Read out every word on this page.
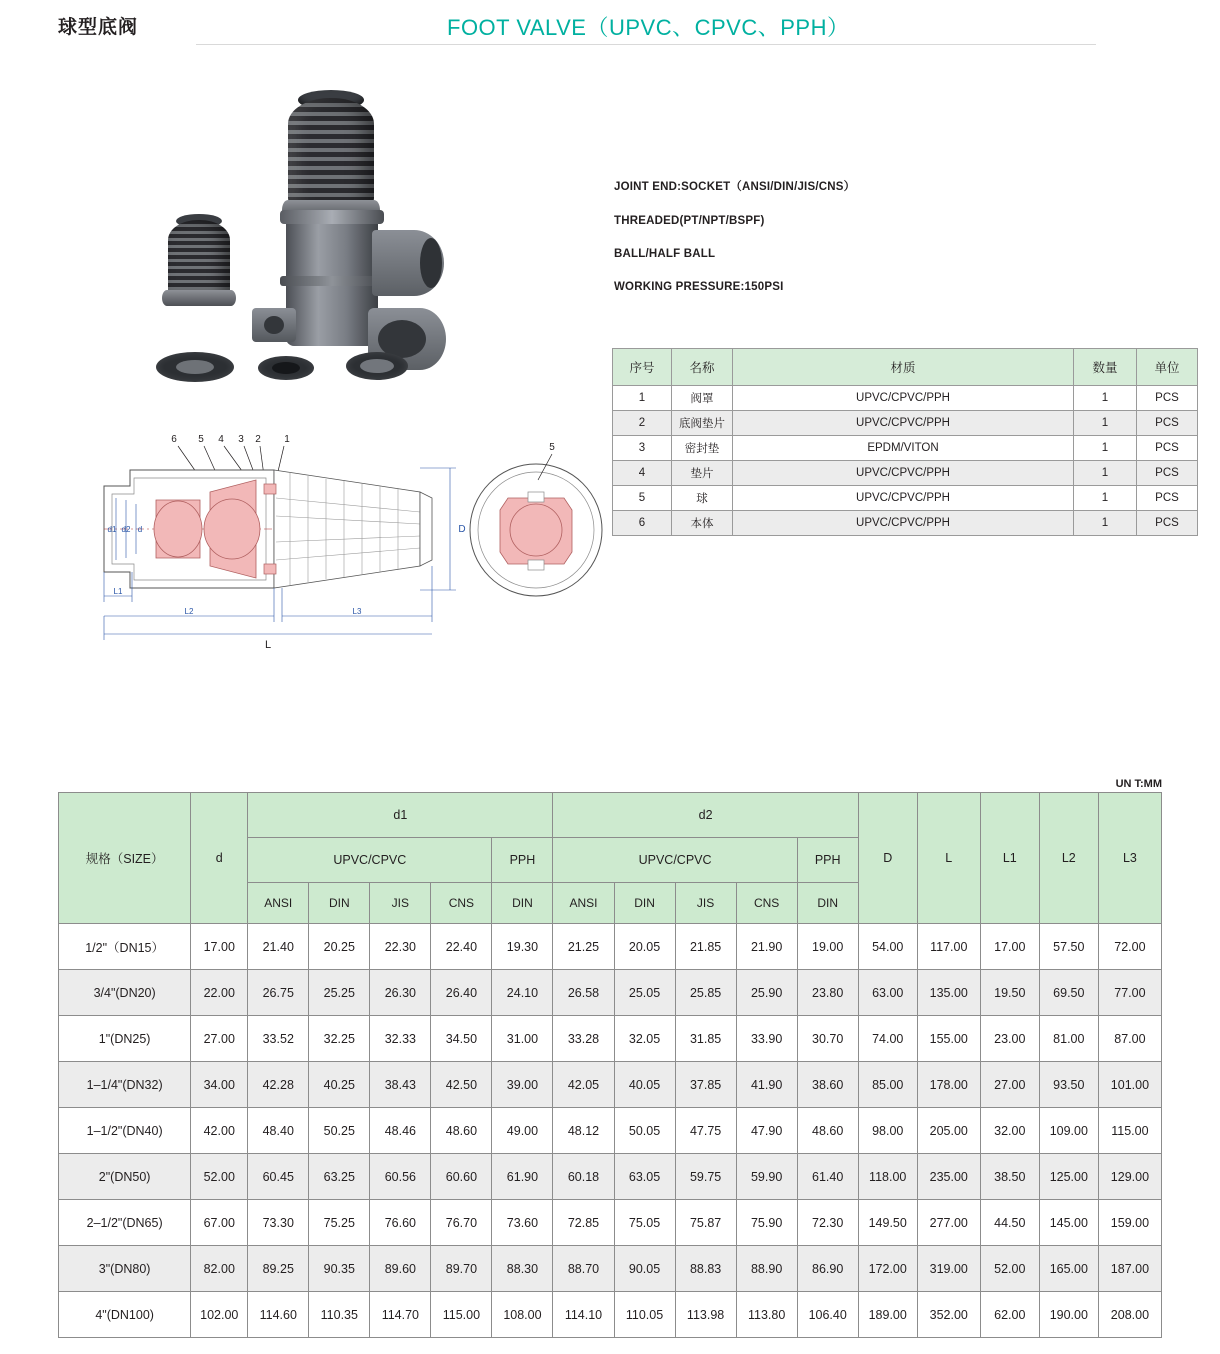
球型底阀	FOOT VALVE（UPVC、CPVC、PPH）
JOINT END:SOCKET（ANSI/DIN/JIS/CNS）
THREADED(PT/NPT/BSPF)
BALL/HALF BALL
WORKING PRESSURE:150PSI
序号	名称	材质	数量	单位
1	阀罩	UPVC/CPVC/PPH	1	PCS
2	底阀垫片	UPVC/CPVC/PPH	1	PCS
3	密封垫	EPDM/VITON	1	PCS
4	垫片	UPVC/CPVC/PPH	1	PCS
5	球	UPVC/CPVC/PPH	1	PCS
6	本体	UPVC/CPVC/PPH	1	PCS
6 5 4 3 2 1
d1 d2 d	D
L1
L2	L3
L
5
UN T:MM
规格（SIZE）	d	d1					d2					D	L	L1	L2	L3
		UPVC/CPVC				PPH	UPVC/CPVC				PPH					
		ANSI	DIN	JIS	CNS	DIN	ANSI	DIN	JIS	CNS	DIN					
1/2"（DN15）	17.00	21.40	20.25	22.30	22.40	19.30	21.25	20.05	21.85	21.90	19.00	54.00	117.00	17.00	57.50	72.00
3/4"(DN20)	22.00	26.75	25.25	26.30	26.40	24.10	26.58	25.05	25.85	25.90	23.80	63.00	135.00	19.50	69.50	77.00
1"(DN25)	27.00	33.52	32.25	32.33	34.50	31.00	33.28	32.05	31.85	33.90	30.70	74.00	155.00	23.00	81.00	87.00
1–1/4"(DN32)	34.00	42.28	40.25	38.43	42.50	39.00	42.05	40.05	37.85	41.90	38.60	85.00	178.00	27.00	93.50	101.00
1–1/2"(DN40)	42.00	48.40	50.25	48.46	48.60	49.00	48.12	50.05	47.75	47.90	48.60	98.00	205.00	32.00	109.00	115.00
2"(DN50)	52.00	60.45	63.25	60.56	60.60	61.90	60.18	63.05	59.75	59.90	61.40	118.00	235.00	38.50	125.00	129.00
2–1/2"(DN65)	67.00	73.30	75.25	76.60	76.70	73.60	72.85	75.05	75.87	75.90	72.30	149.50	277.00	44.50	145.00	159.00
3"(DN80)	82.00	89.25	90.35	89.60	89.70	88.30	88.70	90.05	88.83	88.90	86.90	172.00	319.00	52.00	165.00	187.00
4"(DN100)	102.00	114.60	110.35	114.70	115.00	108.00	114.10	110.05	113.98	113.80	106.40	189.00	352.00	62.00	190.00	208.00
